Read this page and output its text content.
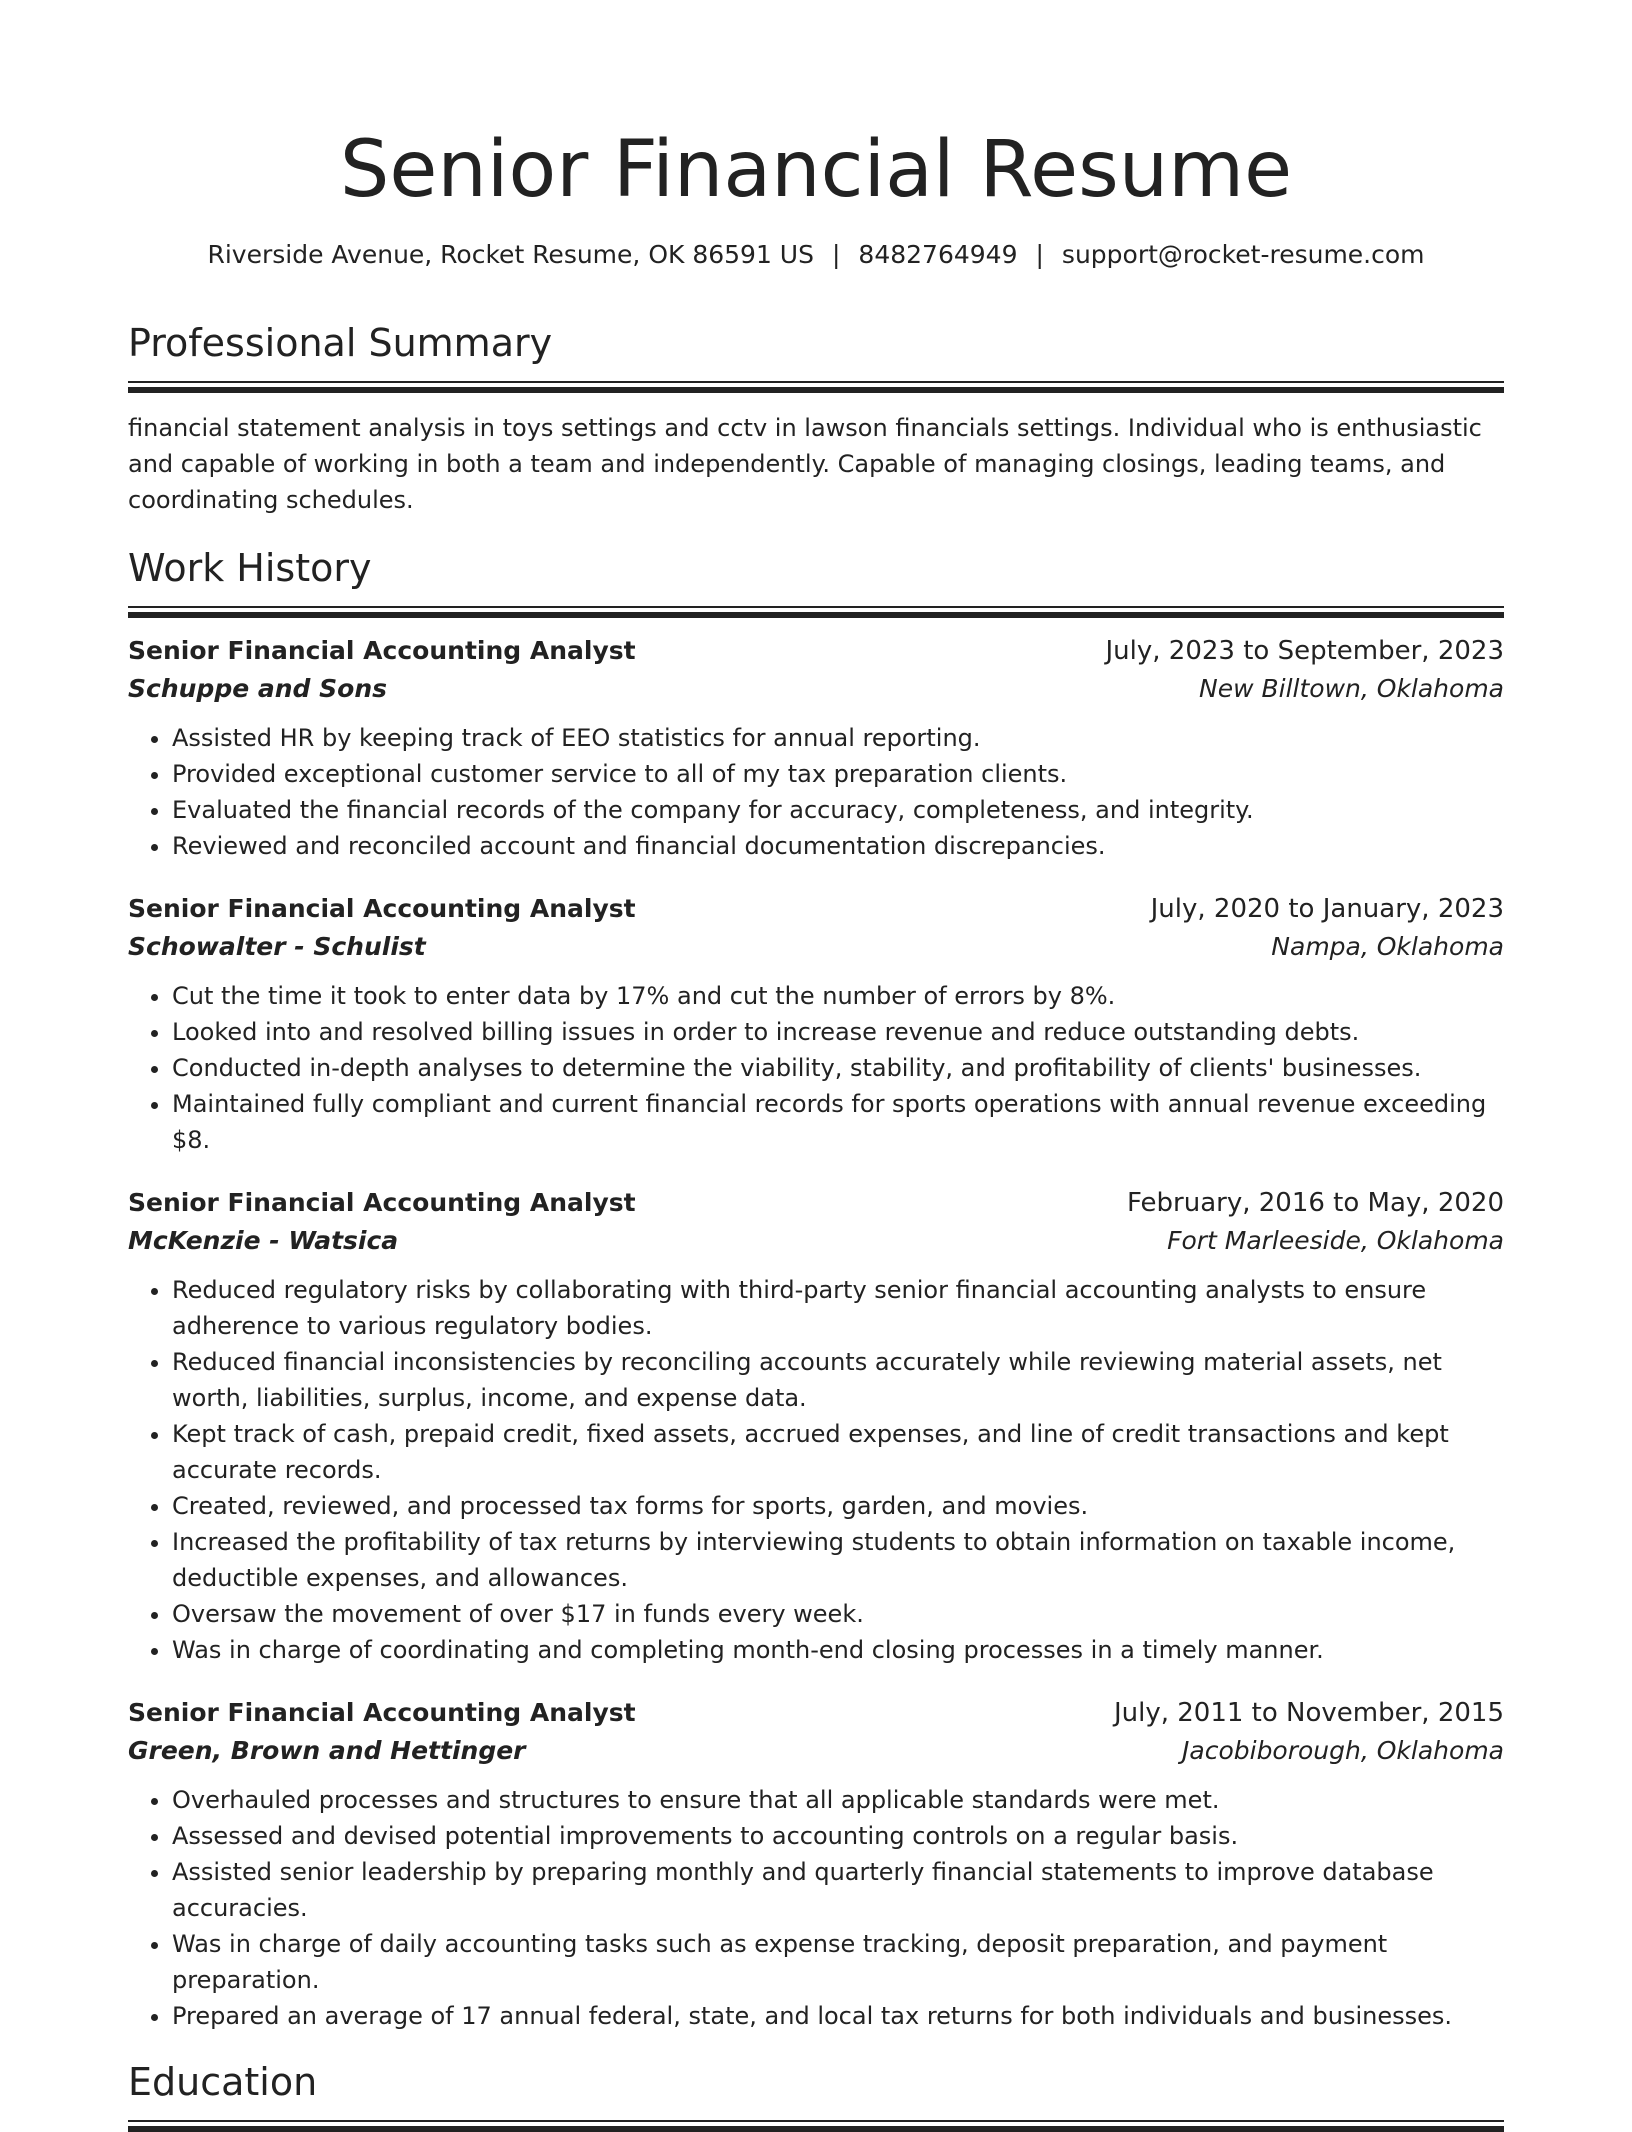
Senior Financial Resume
Riverside Avenue, Rocket Resume, OK 86591 US | 8482764949 | support@rocket-resume.com
Professional Summary

financial statement analysis in toys settings and cctv in lawson financials settings. Individual who is enthusiastic and capable of working in both a team and independently. Capable of managing closings, leading teams, and coordinating schedules.

Work History
Senior Financial Accounting Analyst	July, 2023 to September, 2023
Schuppe and Sons	New Billtown, Oklahoma
• Assisted HR by keeping track of EEO statistics for annual reporting.
• Provided exceptional customer service to all of my tax preparation clients.
• Evaluated the financial records of the company for accuracy, completeness, and integrity.
• Reviewed and reconciled account and financial documentation discrepancies.
Senior Financial Accounting Analyst	July, 2020 to January, 2023
Schowalter - Schulist	Nampa, Oklahoma
• Cut the time it took to enter data by 17% and cut the number of errors by 8%.
• Looked into and resolved billing issues in order to increase revenue and reduce outstanding debts.
• Conducted in-depth analyses to determine the viability, stability, and profitability of clients' businesses.
• Maintained fully compliant and current financial records for sports operations with annual revenue exceeding $8.
Senior Financial Accounting Analyst	February, 2016 to May, 2020
McKenzie - Watsica	Fort Marleeside, Oklahoma
• Reduced regulatory risks by collaborating with third-party senior financial accounting analysts to ensure adherence to various regulatory bodies.
• Reduced financial inconsistencies by reconciling accounts accurately while reviewing material assets, net worth, liabilities, surplus, income, and expense data.
• Kept track of cash, prepaid credit, fixed assets, accrued expenses, and line of credit transactions and kept accurate records.
• Created, reviewed, and processed tax forms for sports, garden, and movies.
• Increased the profitability of tax returns by interviewing students to obtain information on taxable income, deductible expenses, and allowances.
• Oversaw the movement of over $17 in funds every week.
• Was in charge of coordinating and completing month-end closing processes in a timely manner.
Senior Financial Accounting Analyst	July, 2011 to November, 2015
Green, Brown and Hettinger	Jacobiborough, Oklahoma
• Overhauled processes and structures to ensure that all applicable standards were met.
• Assessed and devised potential improvements to accounting controls on a regular basis.
• Assisted senior leadership by preparing monthly and quarterly financial statements to improve database accuracies.
• Was in charge of daily accounting tasks such as expense tracking, deposit preparation, and payment preparation.
• Prepared an average of 17 annual federal, state, and local tax returns for both individuals and businesses.
Education
